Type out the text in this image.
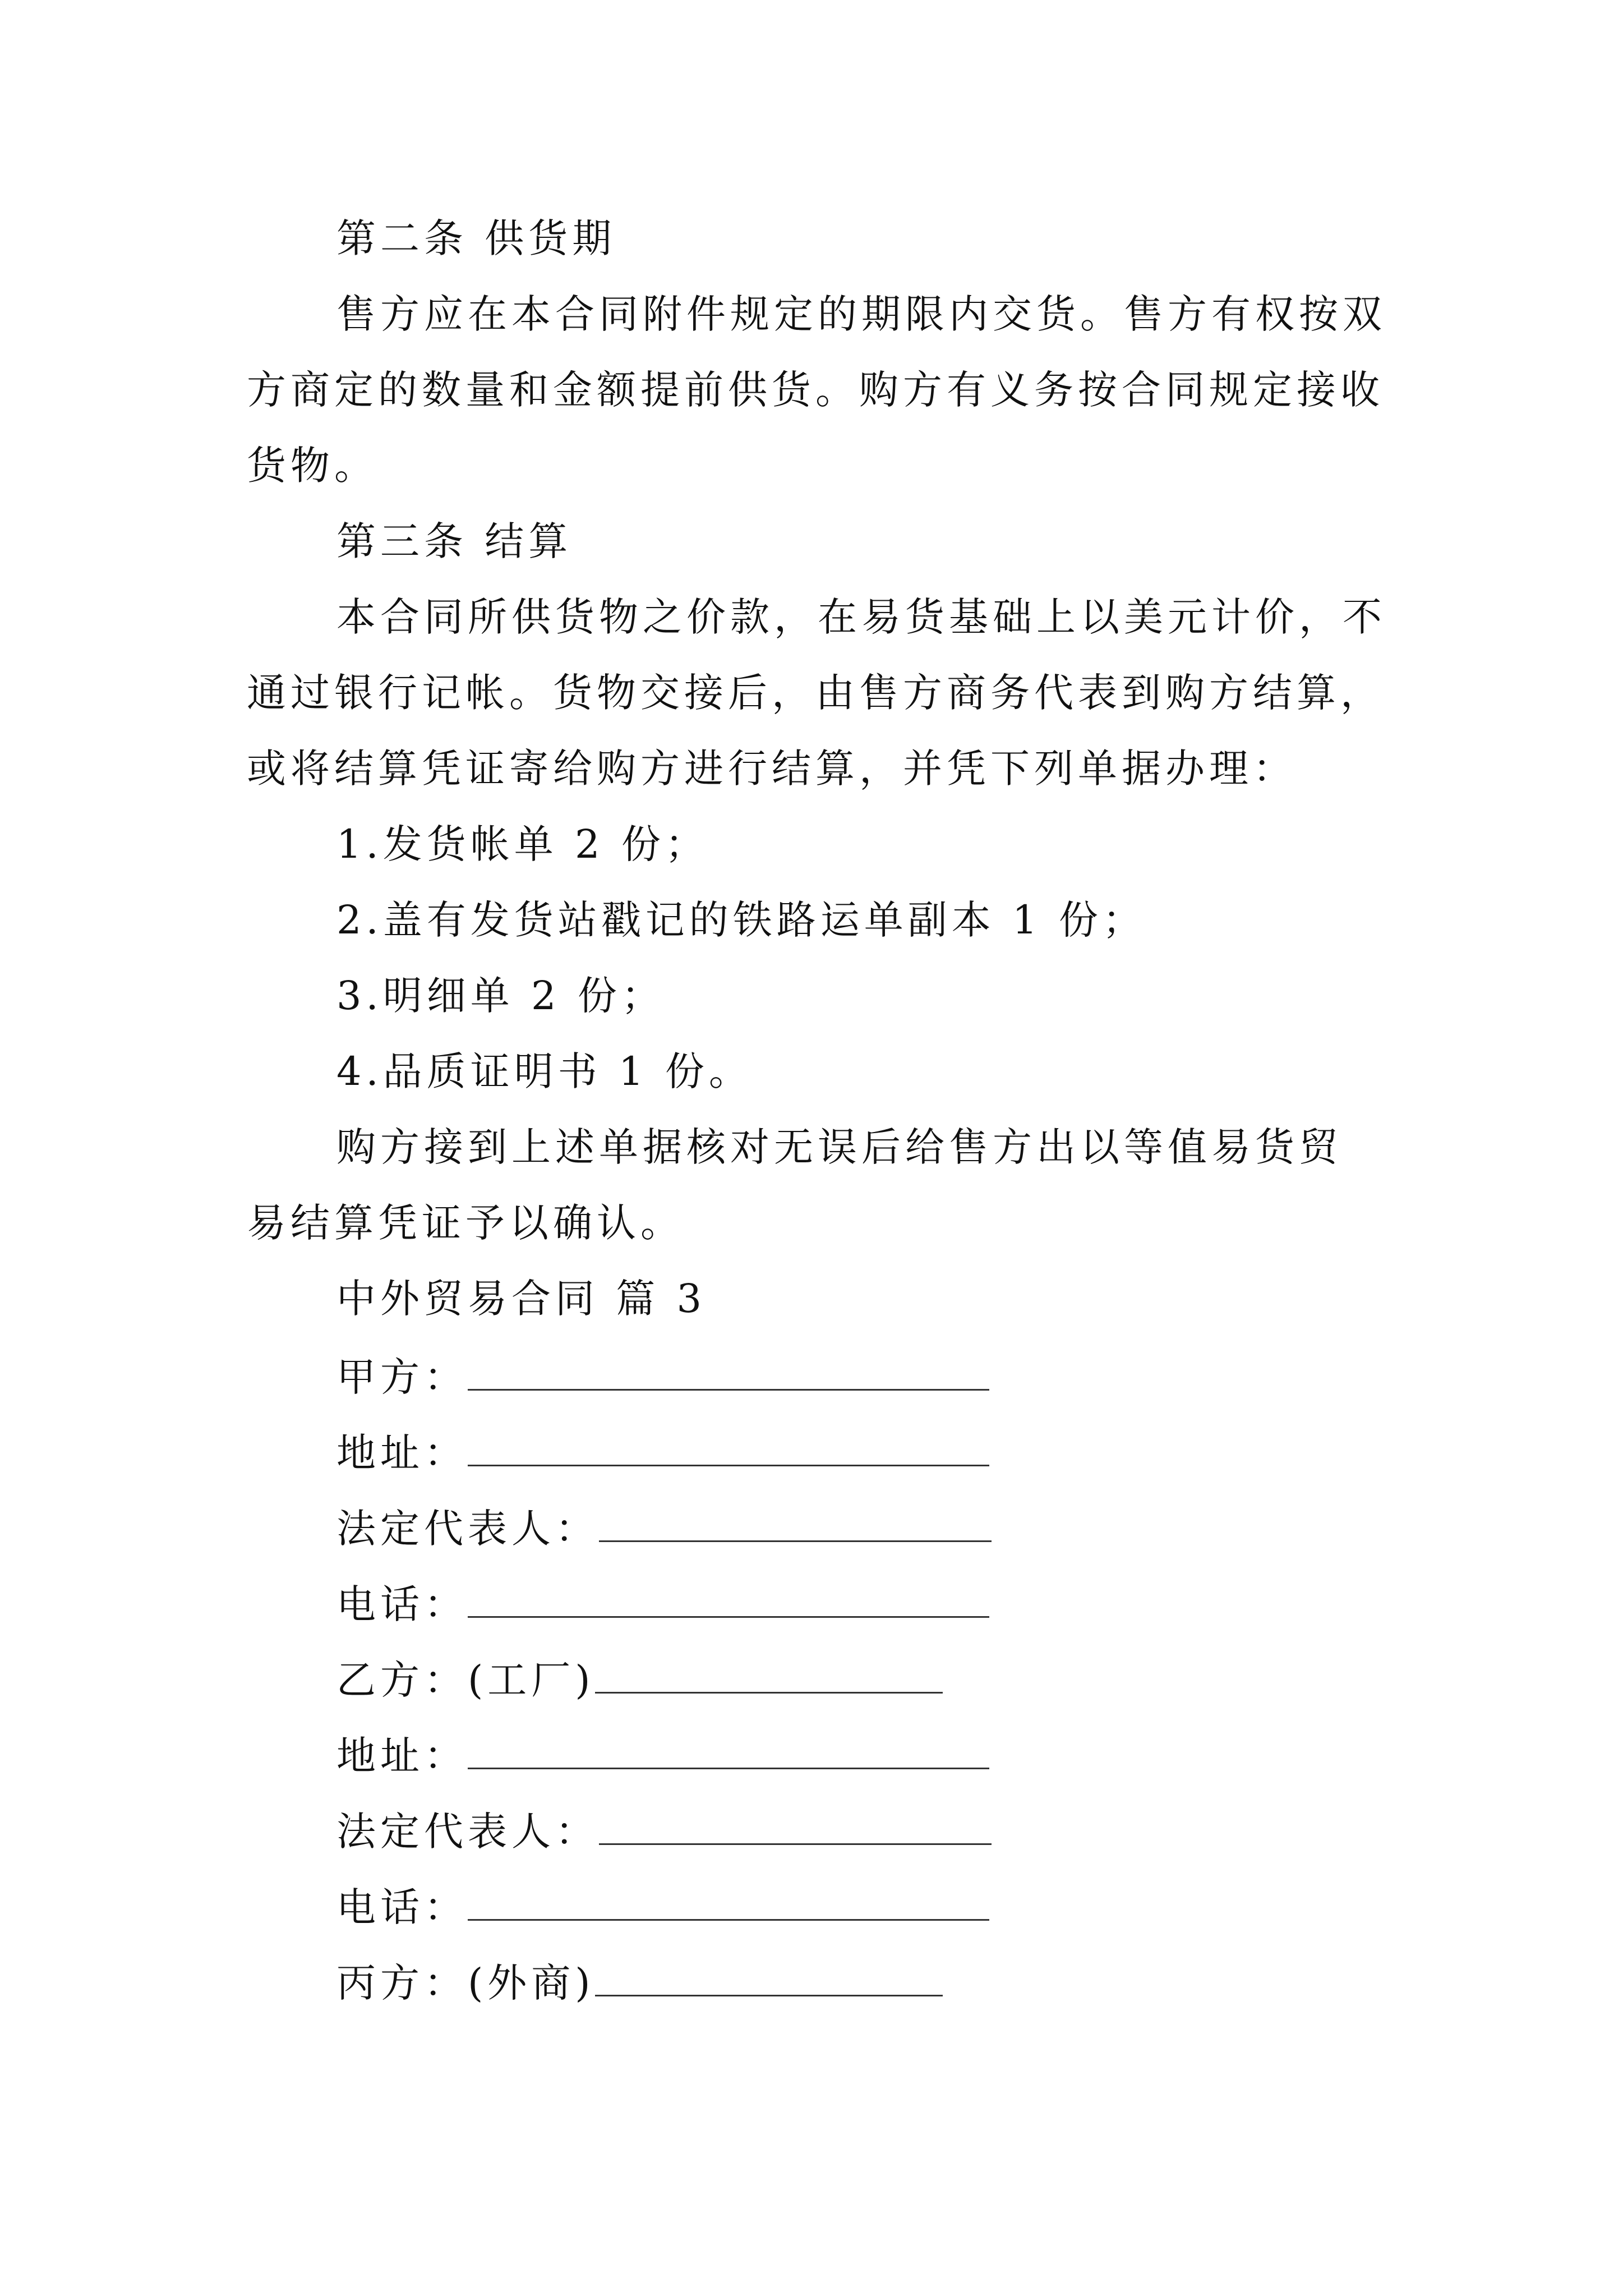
第二条 供货期
售方应在本合同附件规定的期限内交货。售方有权按双
方商定的数量和金额提前供货。购方有义务按合同规定接收
货物。
第三条 结算
本合同所供货物之价款，在易货基础上以美元计价，不
通过银行记帐。货物交接后，由售方商务代表到购方结算，
或将结算凭证寄给购方进行结算，并凭下列单据办理：
1.发货帐单 2 份；
2.盖有发货站戳记的铁路运单副本 1 份；
3.明细单 2 份；
4.品质证明书 1 份。
购方接到上述单据核对无误后给售方出以等值易货贸
易结算凭证予以确认。
中外贸易合同 篇 3
甲方：
地址：
法定代表人：
电话：
乙方：(工厂)
地址：
法定代表人：
电话：
丙方：(外商)
